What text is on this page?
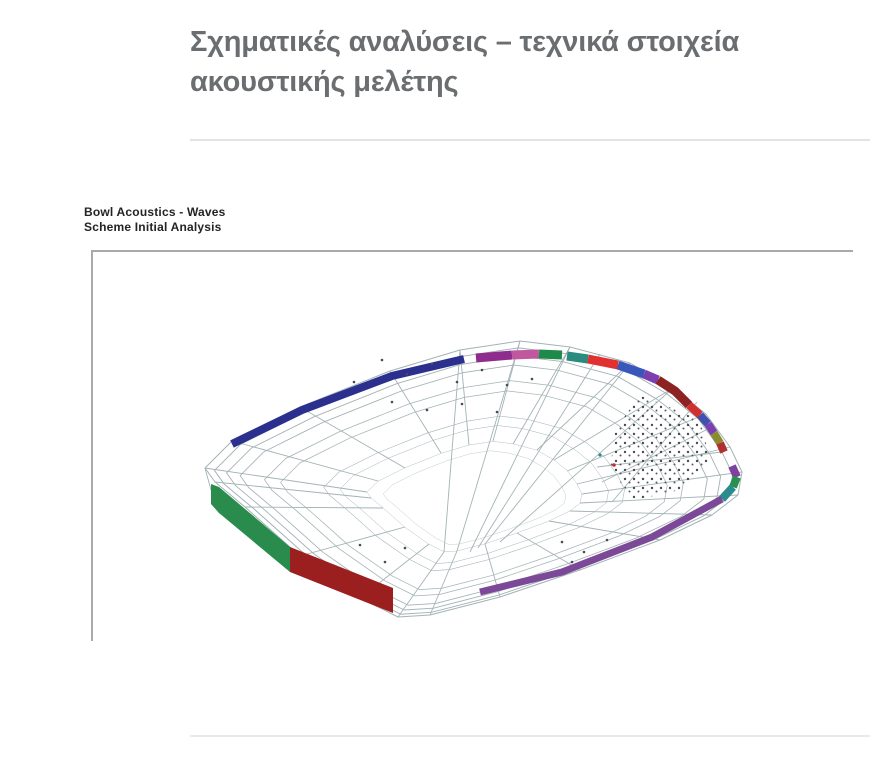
Σχηματικές αναλύσεις – τεχνικά στοιχεία
ακουστικής μελέτης
Bowl Acoustics - Waves
Scheme Initial Analysis
